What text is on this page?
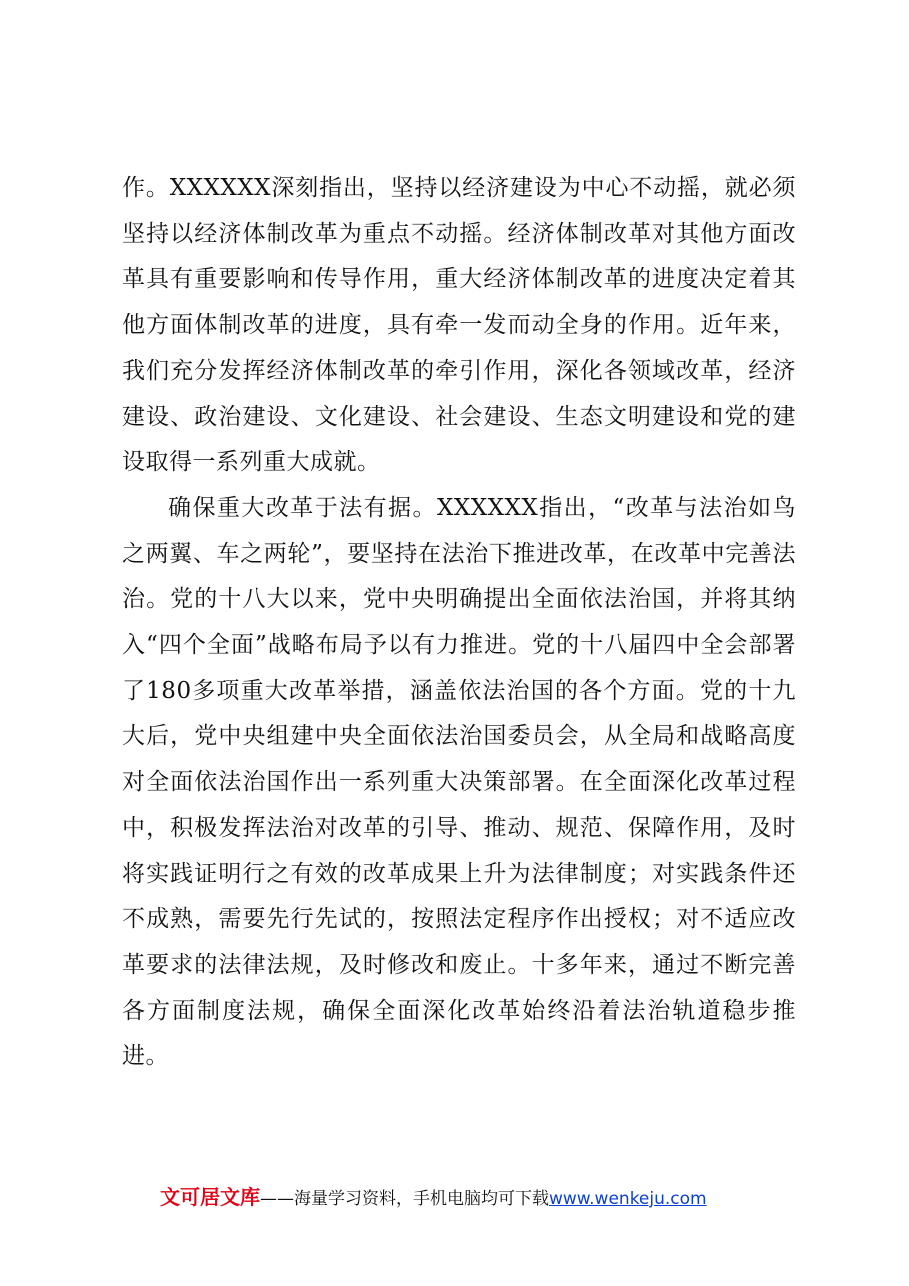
作。XXXXXX深刻指出，坚持以经济建设为中心不动摇，就必须坚持以经济体制改革为重点不动摇。经济体制改革对其他方面改革具有重要影响和传导作用，重大经济体制改革的进度决定着其他方面体制改革的进度，具有牵一发而动全身的作用。近年来，我们充分发挥经济体制改革的牵引作用，深化各领域改革，经济建设、政治建设、文化建设、社会建设、生态文明建设和党的建设取得一系列重大成就。

确保重大改革于法有据。XXXXXX指出，“改革与法治如鸟之两翼、车之两轮”，要坚持在法治下推进改革，在改革中完善法治。党的十八大以来，党中央明确提出全面依法治国，并将其纳入“四个全面”战略布局予以有力推进。党的十八届四中全会部署了180多项重大改革举措，涵盖依法治国的各个方面。党的十九大后，党中央组建中央全面依法治国委员会，从全局和战略高度对全面依法治国作出一系列重大决策部署。在全面深化改革过程中，积极发挥法治对改革的引导、推动、规范、保障作用，及时将实践证明行之有效的改革成果上升为法律制度；对实践条件还不成熟，需要先行先试的，按照法定程序作出授权；对不适应改革要求的法律法规，及时修改和废止。十多年来，通过不断完善各方面制度法规，确保全面深化改革始终沿着法治轨道稳步推进。

文可居文库——海量学习资料，手机电脑均可下载www.wenkeju.com
